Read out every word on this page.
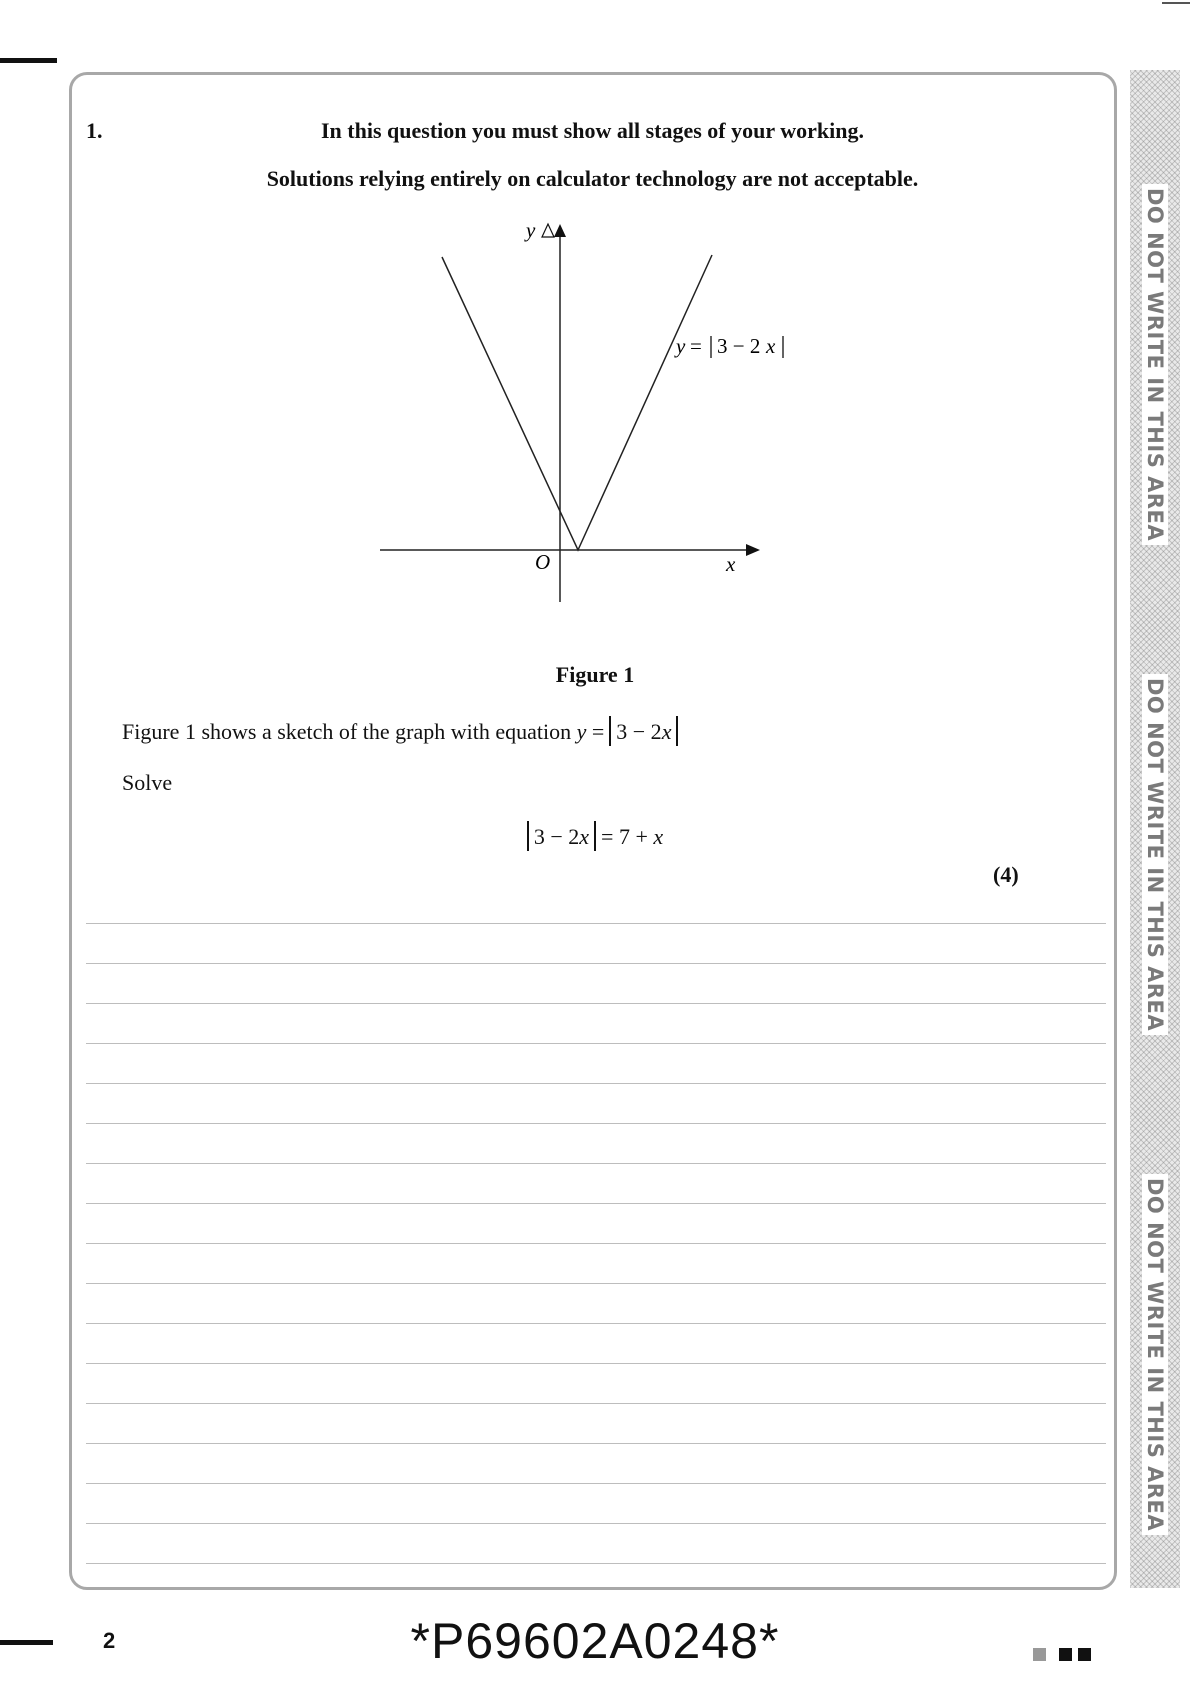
DO NOT WRITE IN THIS AREA
DO NOT WRITE IN THIS AREA
DO NOT WRITE IN THIS AREA
1.	In this question you must show all stages of your working.
Solutions relying entirely on calculator technology are not acceptable.
y
x
O
y = 3 − 2 x
Figure 1
Figure 1 shows a sketch of the graph with equation y = 3 − 2x
Solve
3 − 2x = 7 + x
(4)
2	*P69602A0248*
